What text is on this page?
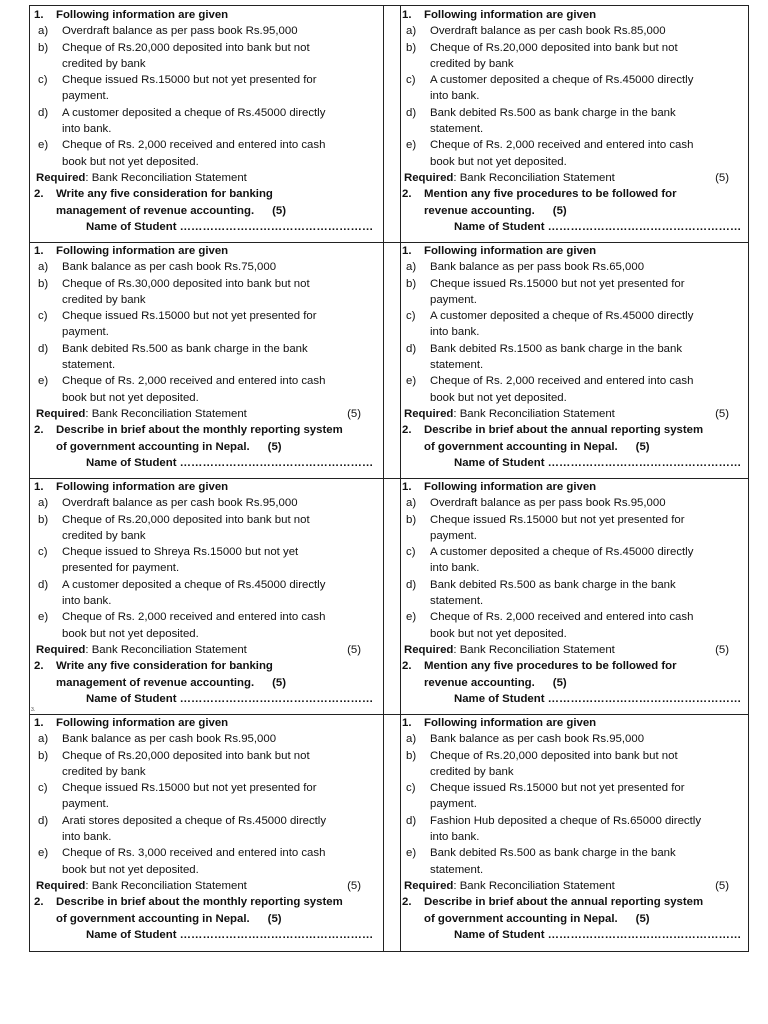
3.
1.	Following information are given
a)	Overdraft balance as per pass book Rs.95,000
b)	Cheque of Rs.20,000 deposited into bank but not
credited by bank
c)	Cheque issued Rs.15000 but not yet presented for
payment.
d)	A customer deposited a cheque of Rs.45000 directly
into bank.
e)	Cheque of Rs. 2,000 received and entered into cash
book but not yet deposited.
Required: Bank Reconciliation Statement
2.	Write any five consideration for banking
management of revenue accounting. (5)
Name of Student ……………………………………………
1.	Following information are given
a)	Overdraft balance as per cash book Rs.85,000
b)	Cheque of Rs.20,000 deposited into bank but not
credited by bank
c)	A customer deposited a cheque of Rs.45000 directly
into bank.
d)	Bank debited Rs.500 as bank charge in the bank
statement.
e)	Cheque of Rs. 2,000 received and entered into cash
book but not yet deposited.
Required: Bank Reconciliation Statement	(5)
2.	Mention any five procedures to be followed for
revenue accounting. (5)
Name of Student ……………………………………………
1.	Following information are given
a)	Bank balance as per cash book Rs.75,000
b)	Cheque of Rs.30,000 deposited into bank but not
credited by bank
c)	Cheque issued Rs.15000 but not yet presented for
payment.
d)	Bank debited Rs.500 as bank charge in the bank
statement.
e)	Cheque of Rs. 2,000 received and entered into cash
book but not yet deposited.
Required: Bank Reconciliation Statement	(5)
2.	Describe in brief about the monthly reporting system
of government accounting in Nepal. (5)
Name of Student ……………………………………………
1.	Following information are given
a)	Bank balance as per pass book Rs.65,000
b)	Cheque issued Rs.15000 but not yet presented for
payment.
c)	A customer deposited a cheque of Rs.45000 directly
into bank.
d)	Bank debited Rs.1500 as bank charge in the bank
statement.
e)	Cheque of Rs. 2,000 received and entered into cash
book but not yet deposited.
Required: Bank Reconciliation Statement	(5)
2.	Describe in brief about the annual reporting system
of government accounting in Nepal. (5)
Name of Student ……………………………………………
1.	Following information are given
a)	Overdraft balance as per cash book Rs.95,000
b)	Cheque of Rs.20,000 deposited into bank but not
credited by bank
c)	Cheque issued to Shreya Rs.15000 but not yet
presented for payment.
d)	A customer deposited a cheque of Rs.45000 directly
into bank.
e)	Cheque of Rs. 2,000 received and entered into cash
book but not yet deposited.
Required: Bank Reconciliation Statement	(5)
2.	Write any five consideration for banking
management of revenue accounting. (5)
Name of Student ……………………………………………
1.	Following information are given
a)	Overdraft balance as per pass book Rs.95,000
b)	Cheque issued Rs.15000 but not yet presented for
payment.
c)	A customer deposited a cheque of Rs.45000 directly
into bank.
d)	Bank debited Rs.500 as bank charge in the bank
statement.
e)	Cheque of Rs. 2,000 received and entered into cash
book but not yet deposited.
Required: Bank Reconciliation Statement	(5)
2.	Mention any five procedures to be followed for
revenue accounting. (5)
Name of Student ……………………………………………
1.	Following information are given
a)	Bank balance as per cash book Rs.95,000
b)	Cheque of Rs.20,000 deposited into bank but not
credited by bank
c)	Cheque issued Rs.15000 but not yet presented for
payment.
d)	Arati stores deposited a cheque of Rs.45000 directly
into bank.
e)	Cheque of Rs. 3,000 received and entered into cash
book but not yet deposited.
Required: Bank Reconciliation Statement	(5)
2.	Describe in brief about the monthly reporting system
of government accounting in Nepal. (5)
Name of Student ……………………………………………
1.	Following information are given
a)	Bank balance as per cash book Rs.95,000
b)	Cheque of Rs.20,000 deposited into bank but not
credited by bank
c)	Cheque issued Rs.15000 but not yet presented for
payment.
d)	Fashion Hub deposited a cheque of Rs.65000 directly
into bank.
e)	Bank debited Rs.500 as bank charge in the bank
statement.
Required: Bank Reconciliation Statement	(5)
2.	Describe in brief about the annual reporting system
of government accounting in Nepal. (5)
Name of Student ……………………………………………
